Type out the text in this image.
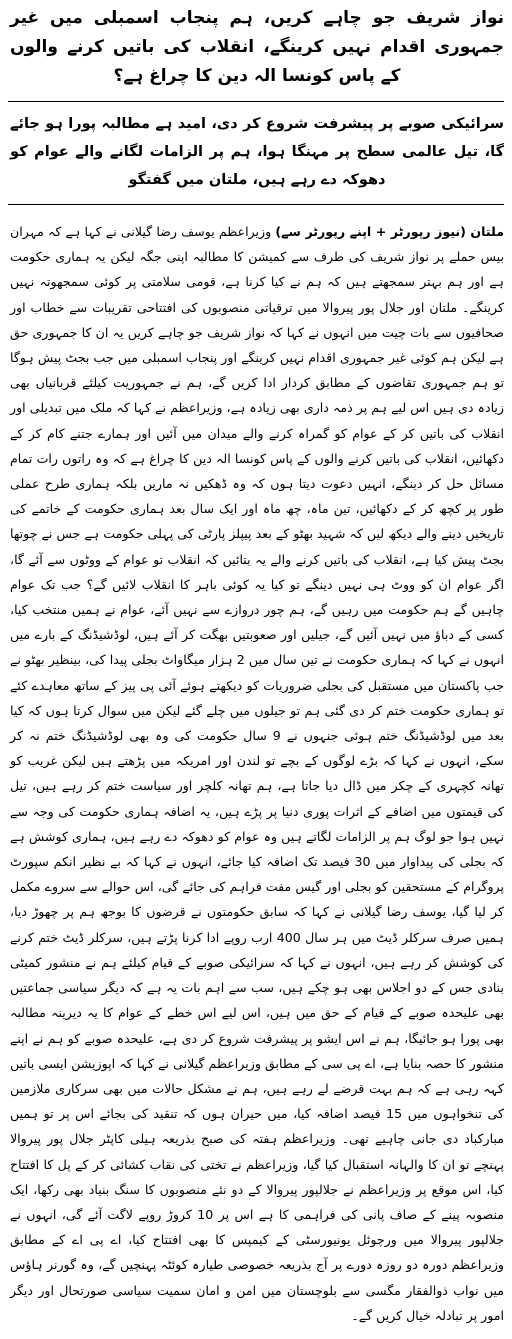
نواز شریف جو چاہے کریں، ہم پنجاب اسمبلی میں غیر جمہوری اقدام نہیں کرینگے، انقلاب کی باتیں کرنے والوں کے پاس کونسا الہ دین کا چراغ ہے؟
سرائیکی صوبے پر پیشرفت شروع کر دی، امید ہے مطالبہ پورا ہو جائے گا، تیل عالمی سطح پر مہنگا ہوا، ہم پر الزامات لگانے والے عوام کو دھوکہ دے رہے ہیں، ملتان میں گفتگو

ملتان (نیوز رپورٹر + اپنے رپورٹر سے) وزیراعظم یوسف رضا گیلانی نے کہا ہے کہ مہران بیس حملے پر نواز شریف کی طرف سے کمیشن کا مطالبہ اپنی جگہ لیکن یہ ہماری حکومت ہے اور ہم بہتر سمجھتے ہیں کہ ہم نے کیا کرنا ہے، قومی سلامتی پر کوئی سمجھوتہ نہیں کرینگے۔ ملتان اور جلال پور پیروالا میں ترقیاتی منصوبوں کی افتتاحی تقریبات سے خطاب اور صحافیوں سے بات چیت میں انہوں نے کہا کہ نواز شریف جو چاہے کریں یہ ان کا جمہوری حق ہے لیکن ہم کوئی غیر جمہوری اقدام نہیں کرینگے اور پنجاب اسمبلی میں جب بجٹ پیش ہوگا تو ہم جمہوری تقاضوں کے مطابق کردار ادا کریں گے، ہم نے جمہوریت کیلئے قربانیاں بھی زیادہ دی ہیں اس لیے ہم پر ذمہ داری بھی زیادہ ہے، وزیراعظم نے کہا کہ ملک میں تبدیلی اور انقلاب کی باتیں کر کے عوام کو گمراہ کرنے والے میدان میں آئیں اور ہمارے جتنے کام کر کے دکھائیں، انقلاب کی باتیں کرنے والوں کے پاس کونسا الہ دین کا چراغ ہے کہ وہ راتوں رات تمام مسائل حل کر دینگے، انہیں دعوت دیتا ہوں کہ وہ ڈھکیں نہ ماریں بلکہ ہماری طرح عملی طور پر کچھ کر کے دکھائیں، تین ماہ، چھ ماہ اور ایک سال بعد ہماری حکومت کے خاتمے کی تاریخیں دینے والے دیکھ لیں کہ شہید بھٹو کے بعد پیپلز پارٹی کی پہلی حکومت ہے جس نے چوتھا بجٹ پیش کیا ہے، انقلاب کی باتیں کرنے والے یہ بتائیں کہ انقلاب تو عوام کے ووٹوں سے آئے گا، اگر عوام ان کو ووٹ ہی نہیں دینگے تو کیا یہ کوئی باہر کا انقلاب لائیں گے؟ جب تک عوام چاہیں گے ہم حکومت میں رہیں گے، ہم چور دروازے سے نہیں آئے، عوام نے ہمیں منتخب کیا، کسی کے دباؤ میں نہیں آئیں گے، جیلیں اور صعوبتیں بھگت کر آئے ہیں، لوڈشیڈنگ کے بارے میں انہوں نے کہا کہ ہماری حکومت نے تین سال میں 2 ہزار میگاواٹ بجلی پیدا کی، بینظیر بھٹو نے جب پاکستان میں مستقبل کی بجلی ضروریات کو دیکھتے ہوئے آئی پی پیز کے ساتھ معاہدے کئے تو ہماری حکومت ختم کر دی گئی ہم تو جیلوں میں چلے گئے لیکن میں سوال کرتا ہوں کہ کیا بعد میں لوڈشیڈنگ ختم ہوئی جنہوں نے 9 سال حکومت کی وہ بھی لوڈشیڈنگ ختم نہ کر سکے، انہوں نے کہا کہ بڑے لوگوں کے بچے تو لندن اور امریکہ میں پڑھتے ہیں لیکن غریب کو تھانہ کچہری کے چکر میں ڈال دیا جاتا ہے، ہم تھانہ کلچر اور سیاست ختم کر رہے ہیں، تیل کی قیمتوں میں اضافے کے اثرات پوری دنیا پر پڑے ہیں، یہ اضافہ ہماری حکومت کی وجہ سے نہیں ہوا جو لوگ ہم پر الزامات لگاتے ہیں وہ عوام کو دھوکہ دے رہے ہیں، ہماری کوشش ہے کہ بجلی کی پیداوار میں 30 فیصد تک اضافہ کیا جائے، انہوں نے کہا کہ بے نظیر انکم سپورٹ پروگرام کے مستحقین کو بجلی اور گیس مفت فراہم کی جائے گی، اس حوالے سے سروے مکمل کر لیا گیا، یوسف رضا گیلانی نے کہا کہ سابق حکومتوں نے قرضوں کا بوجھ ہم پر چھوڑ دیا، ہمیں صرف سرکلر ڈیٹ میں ہر سال 400 ارب روپے ادا کرنا پڑتے ہیں، سرکلر ڈیٹ ختم کرنے کی کوشش کر رہے ہیں، انہوں نے کہا کہ سرائیکی صوبے کے قیام کیلئے ہم نے منشور کمیٹی بنادی جس کے دو اجلاس بھی ہو چکے ہیں، سب سے اہم بات یہ ہے کہ دیگر سیاسی جماعتیں بھی علیحدہ صوبے کے قیام کے حق میں ہیں، اس لیے اس خطے کے عوام کا یہ دیرینہ مطالبہ بھی پورا ہو جائیگا، ہم نے اس ایشو پر پیشرفت شروع کر دی ہے، علیحدہ صوبے کو ہم نے اپنے منشور کا حصہ بنایا ہے، اے پی سی کے مطابق وزیراعظم گیلانی نے کہا کہ اپوزیشن ایسی باتیں کہہ رہی ہے کہ ہم بہت قرضے لے رہے ہیں، ہم نے مشکل حالات میں بھی سرکاری ملازمین کی تنخواہوں میں 15 فیصد اضافہ کیا، میں حیران ہوں کہ تنقید کی بجائے اس پر تو ہمیں مبارکباد دی جانی چاہیے تھی۔ وزیراعظم ہفتہ کی صبح بذریعہ ہیلی کاپٹر جلال پور پیروالا پہنچے تو ان کا والہانہ استقبال کیا گیا، وزیراعظم نے تختی کی نقاب کشائی کر کے پل کا افتتاح کیا، اس موقع پر وزیراعظم نے جلالپور پیروالا کے دو نئے منصوبوں کا سنگ بنیاد بھی رکھا، ایک منصوبہ پینے کے صاف پانی کی فراہمی کا ہے اس پر 10 کروڑ روپے لاگت آئے گی، انہوں نے جلالپور پیروالا میں ورچوئل یونیورسٹی کے کیمپس کا بھی افتتاح کیا، اے پی اے کے مطابق وزیراعظم دورہ دو روزہ دورے پر آج بذریعہ خصوصی طیارہ کوئٹہ پہنچیں گے، وہ گورنر ہاؤس میں نواب ذوالفقار مگسی سے بلوچستان میں امن و امان سمیت سیاسی صورتحال اور دیگر امور پر تبادلہ خیال کریں گے۔
